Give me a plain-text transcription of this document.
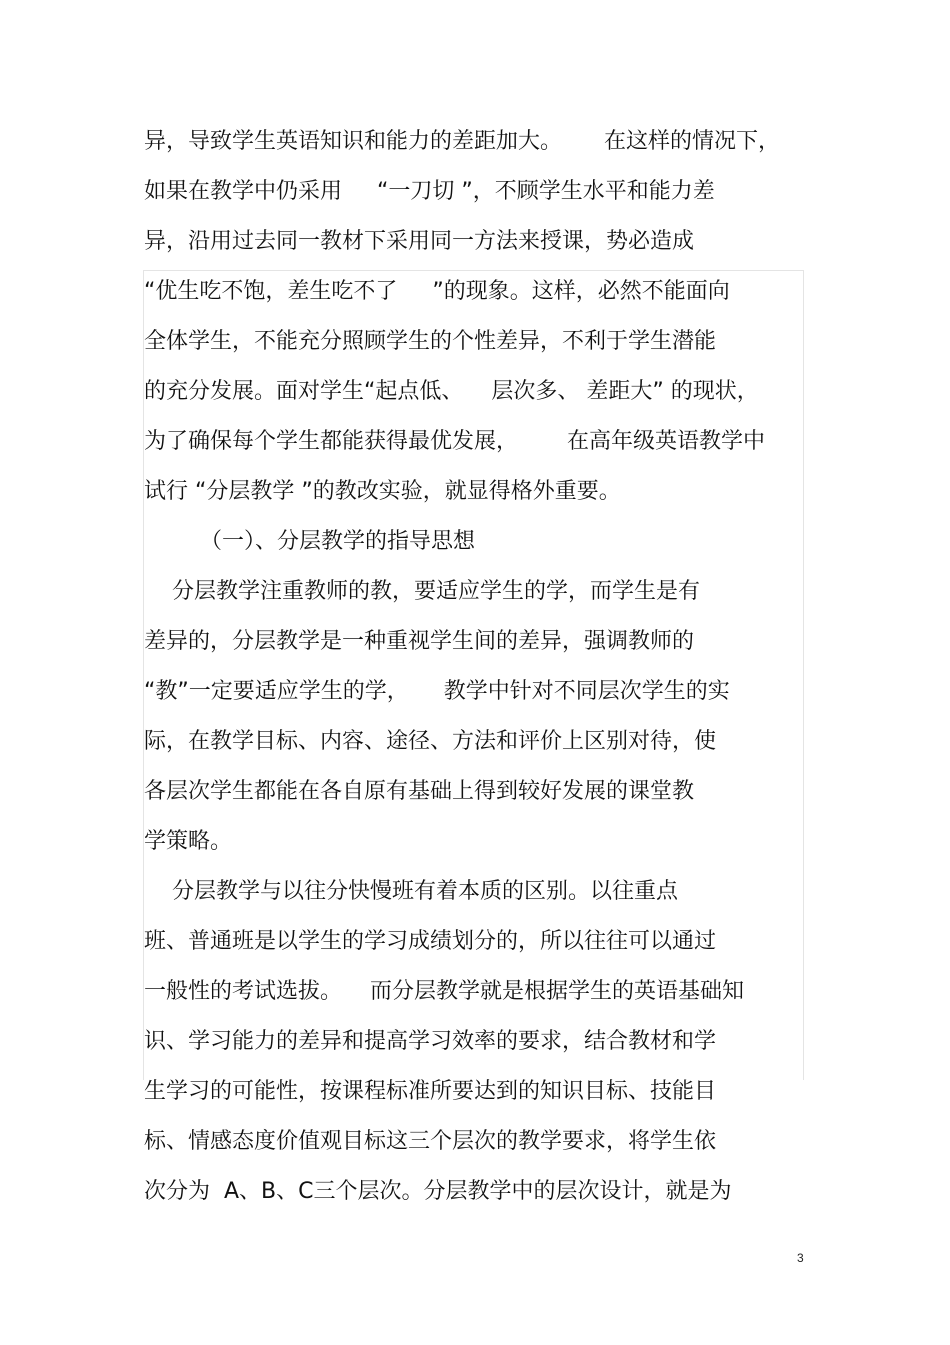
异，导致学生英语知识和能力的差距加大。      在这样的情况下，
如果在教学中仍采用     “一刀切 ”，不顾学生水平和能力差
异，沿用过去同一教材下采用同一方法来授课，势必造成
“优生吃不饱，差生吃不了     ”的现象。这样，必然不能面向
全体学生，不能充分照顾学生的个性差异，不利于学生潜能
的充分发展。面对学生“起点低、    层次多、 差距大” 的现状，
为了确保每个学生都能获得最优发展，       在高年级英语教学中
试行 “分层教学 ”的教改实验，就显得格外重要。
（一）、分层教学的指导思想
分层教学注重教师的教，要适应学生的学，而学生是有
差异的，分层教学是一种重视学生间的差异，强调教师的
“教”一定要适应学生的学，     教学中针对不同层次学生的实
际，在教学目标、内容、途径、方法和评价上区别对待，使
各层次学生都能在各自原有基础上得到较好发展的课堂教
学策略。
分层教学与以往分快慢班有着本质的区别。以往重点
班、普通班是以学生的学习成绩划分的，所以往往可以通过
一般性的考试选拔。    而分层教学就是根据学生的英语基础知
识、学习能力的差异和提高学习效率的要求，结合教材和学
生学习的可能性，按课程标准所要达到的知识目标、技能目
标、情感态度价值观目标这三个层次的教学要求，将学生依
次分为  A、B、C三个层次。分层教学中的层次设计，就是为
3
